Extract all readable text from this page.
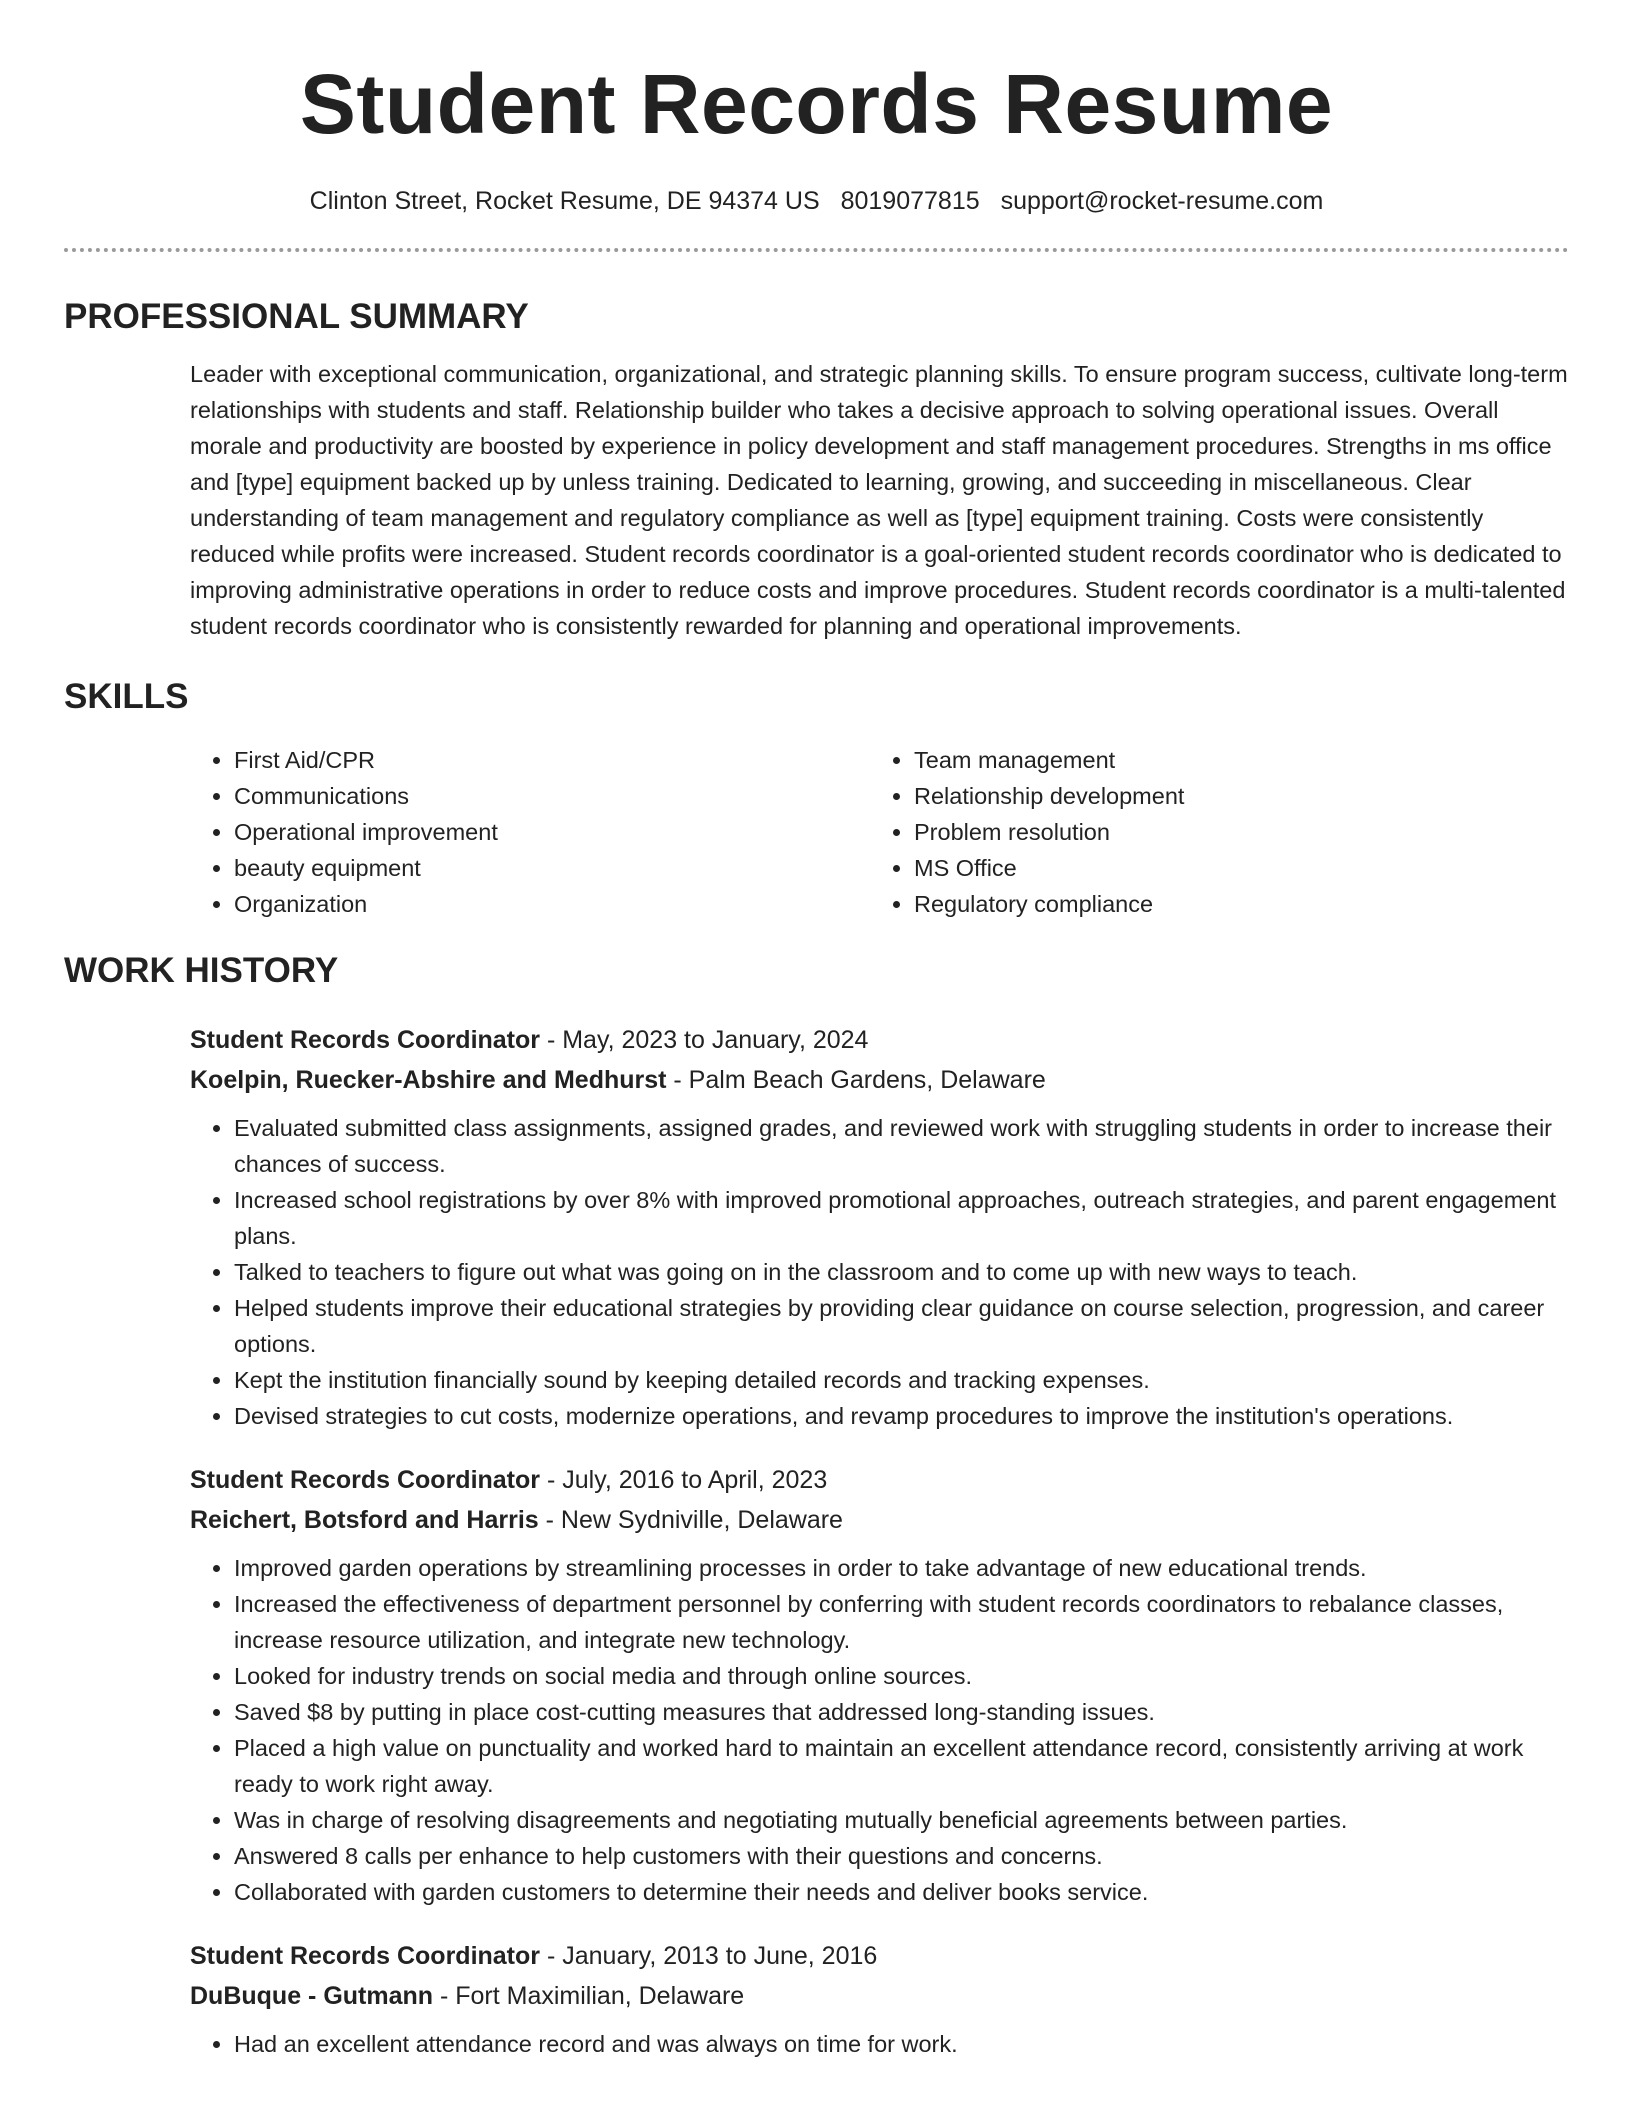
Student Records Resume
Clinton Street, Rocket Resume, DE 94374 US 8019077815 support@rocket-resume.com
PROFESSIONAL SUMMARY
Leader with exceptional communication, organizational, and strategic planning skills. To ensure program success, cultivate long-term relationships with students and staff. Relationship builder who takes a decisive approach to solving operational issues. Overall morale and productivity are boosted by experience in policy development and staff management procedures. Strengths in ms office and [type] equipment backed up by unless training. Dedicated to learning, growing, and succeeding in miscellaneous. Clear understanding of team management and regulatory compliance as well as [type] equipment training. Costs were consistently reduced while profits were increased. Student records coordinator is a goal-oriented student records coordinator who is dedicated to improving administrative operations in order to reduce costs and improve procedures. Student records coordinator is a multi-talented student records coordinator who is consistently rewarded for planning and operational improvements.
SKILLS
• First Aid/CPR
• Communications
• Operational improvement
• beauty equipment
• Organization
• Team management
• Relationship development
• Problem resolution
• MS Office
• Regulatory compliance
WORK HISTORY
Student Records Coordinator - May, 2023 to January, 2024
Koelpin, Ruecker-Abshire and Medhurst - Palm Beach Gardens, Delaware
• Evaluated submitted class assignments, assigned grades, and reviewed work with struggling students in order to increase their chances of success.
• Increased school registrations by over 8% with improved promotional approaches, outreach strategies, and parent engagement plans.
• Talked to teachers to figure out what was going on in the classroom and to come up with new ways to teach.
• Helped students improve their educational strategies by providing clear guidance on course selection, progression, and career options.
• Kept the institution financially sound by keeping detailed records and tracking expenses.
• Devised strategies to cut costs, modernize operations, and revamp procedures to improve the institution's operations.
Student Records Coordinator - July, 2016 to April, 2023
Reichert, Botsford and Harris - New Sydniville, Delaware
• Improved garden operations by streamlining processes in order to take advantage of new educational trends.
• Increased the effectiveness of department personnel by conferring with student records coordinators to rebalance classes, increase resource utilization, and integrate new technology.
• Looked for industry trends on social media and through online sources.
• Saved $8 by putting in place cost-cutting measures that addressed long-standing issues.
• Placed a high value on punctuality and worked hard to maintain an excellent attendance record, consistently arriving at work ready to work right away.
• Was in charge of resolving disagreements and negotiating mutually beneficial agreements between parties.
• Answered 8 calls per enhance to help customers with their questions and concerns.
• Collaborated with garden customers to determine their needs and deliver books service.
Student Records Coordinator - January, 2013 to June, 2016
DuBuque - Gutmann - Fort Maximilian, Delaware
• Had an excellent attendance record and was always on time for work.
